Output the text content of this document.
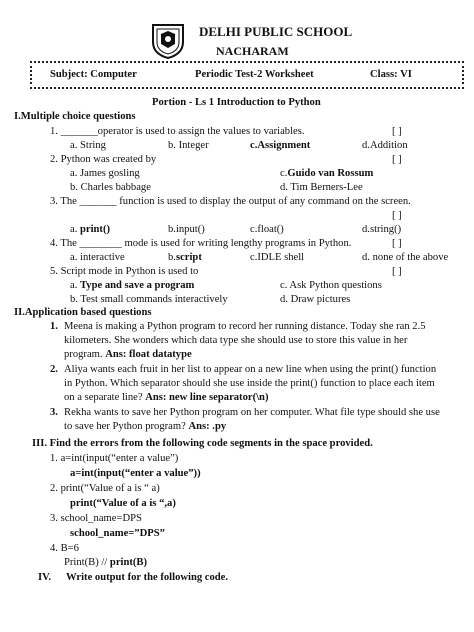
DELHI PUBLIC SCHOOL
NACHARAM
Subject: Computer	Periodic Test-2 Worksheet	Class: VI
Portion - Ls 1 Introduction to Python
I.Multiple choice questions
1. _______operator is used to assign the values to variables.	[ ]
a. String	b. Integer	c.Assignment	d.Addition
2. Python was created by	[ ]
a. James gosling	c.Guido van Rossum
b. Charles babbage	d. Tim Berners-Lee
3. The _______ function is used to display the output of any command on the screen.
[ ]
a. print()	b.input()	c.float()	d.string()
4. The ________ mode is used for writing lengthy programs in Python.	[ ]
a. interactive	b.script	c.IDLE shell	d. none of the above
5. Script mode in Python is used to	[ ]
a. Type and save a program	c. Ask Python questions
b. Test small commands interactively	d. Draw pictures
II.Application based questions
1. Meena is making a Python program to record her running distance. Today she ran 2.5
kilometers. She wonders which data type she should use to store this value in her
program. Ans: float datatype
2. Aliya wants each fruit in her list to appear on a new line when using the print() function
in Python. Which separator should she use inside the print() function to place each item
on a separate line? Ans: new line separator(\n)
3. Rekha wants to save her Python program on her computer. What file type should she use
to save her Python program? Ans: .py
III. Find the errors from the following code segments in the space provided.
1. a=int(input(“enter a value”)
a=int(input(“enter a value”))
2. print(“Value of a is “ a)
print(“Value of a is “,a)
3. school_name=DPS
school_name=”DPS”
4. B=6
Print(B) // print(B)
IV. Write output for the following code.
